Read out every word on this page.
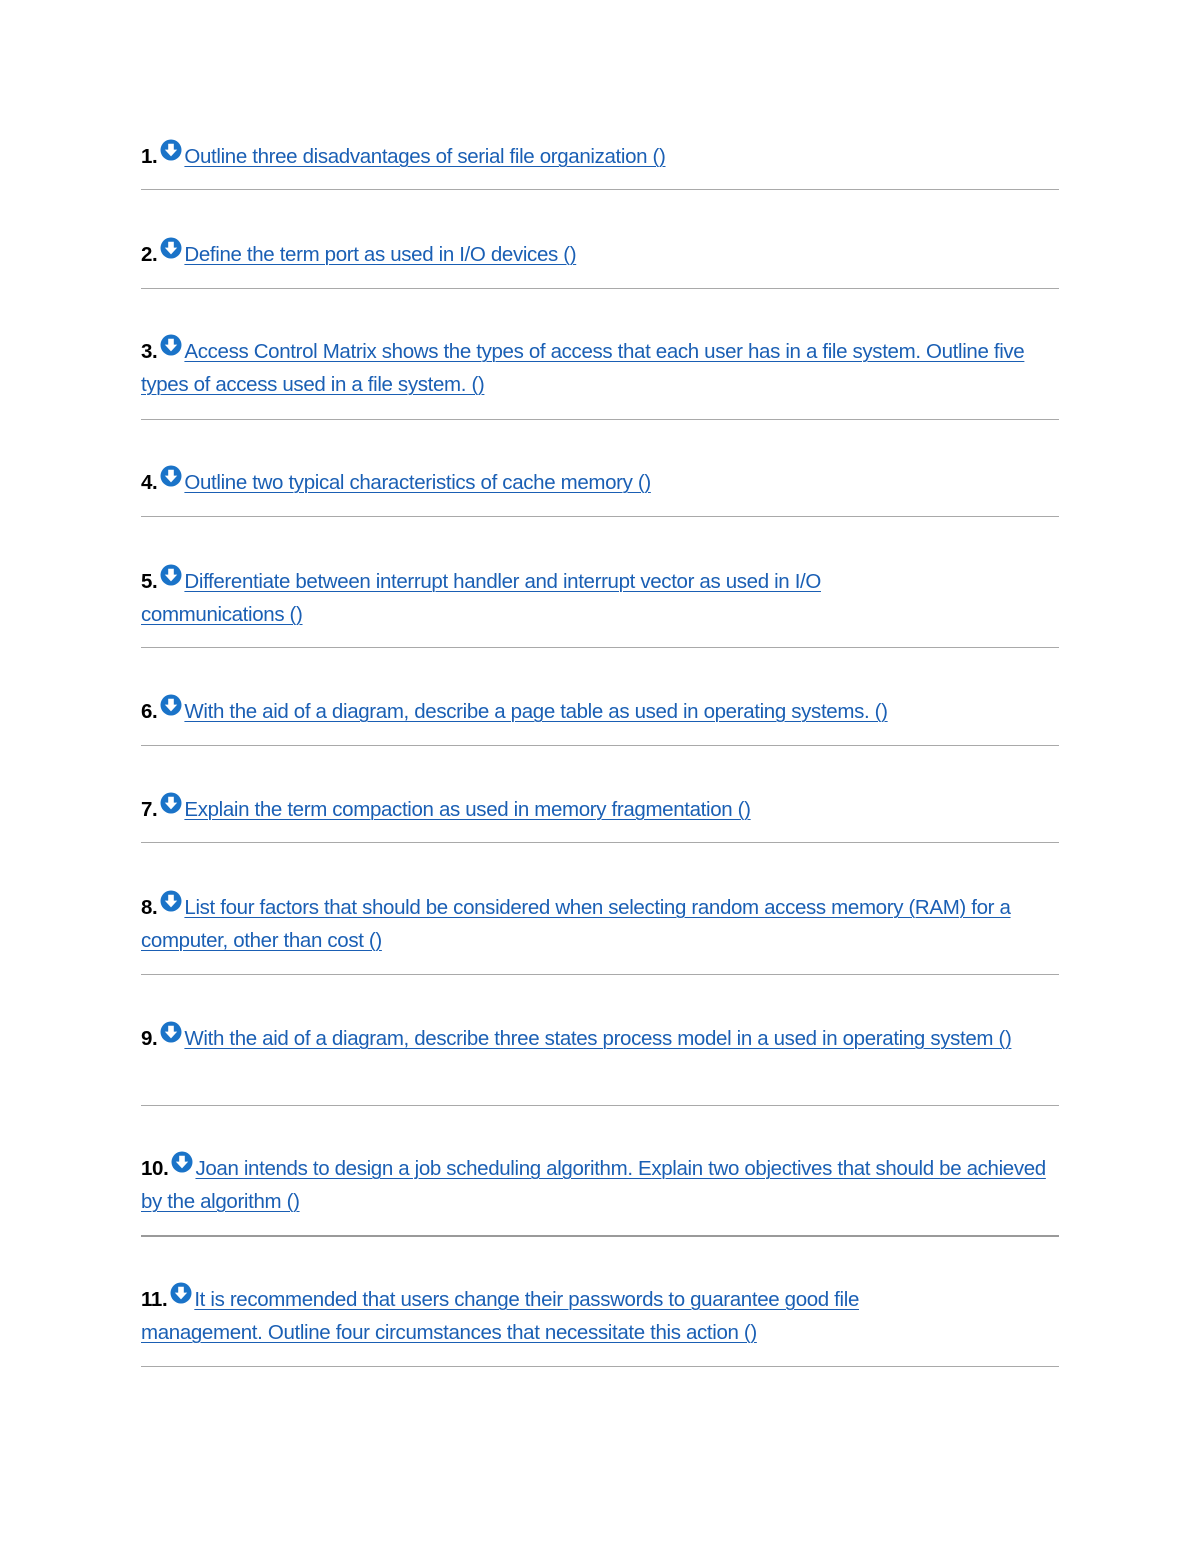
1. Outline three disadvantages of serial file organization ()
2. Define the term port as used in I/O devices ()
3. Access Control Matrix shows the types of access that each user has in a file system. Outline five types of access used in a file system. ()
4. Outline two typical characteristics of cache memory ()
5. Differentiate between interrupt handler and interrupt vector as used in I/O communications ()
6. With the aid of a diagram, describe a page table as used in operating systems. ()
7. Explain the term compaction as used in memory fragmentation ()
8. List four factors that should be considered when selecting random access memory (RAM) for a computer, other than cost ()
9. With the aid of a diagram, describe three states process model in a used in operating system ()
10. Joan intends to design a job scheduling algorithm. Explain two objectives that should be achieved by the algorithm ()
11. It is recommended that users change their passwords to guarantee good file management. Outline four circumstances that necessitate this action ()
